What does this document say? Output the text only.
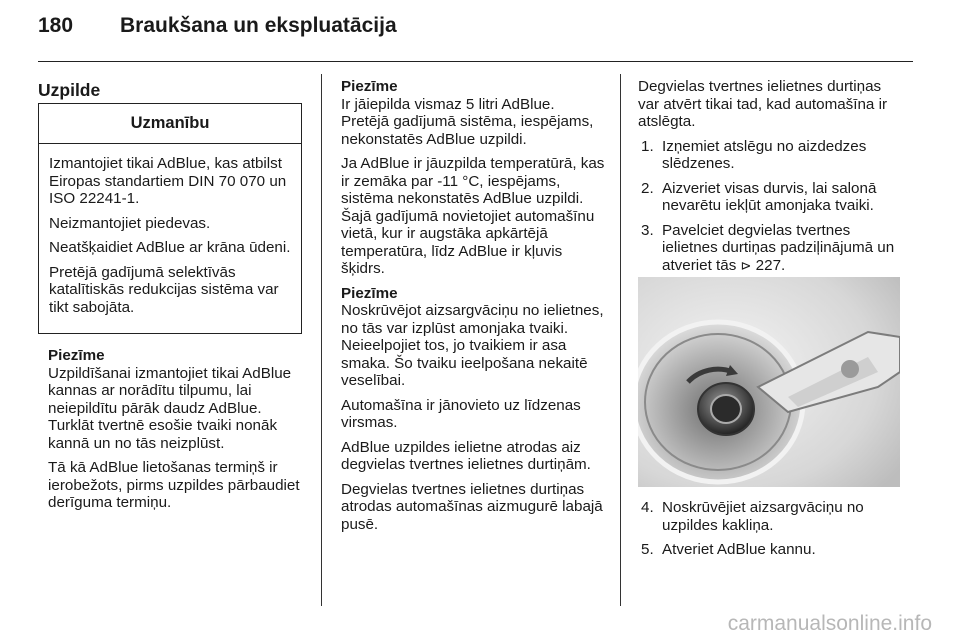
180 Braukšana un ekspluatācija
Uzpilde
Uzmanību

Izmantojiet tikai AdBlue, kas atbilst Eiropas standartiem DIN 70 070 un ISO 22241-1.

Neizmantojiet piedevas.

Neatšķaidiet AdBlue ar krāna ūdeni.

Pretējā gadījumā selektīvās katalītiskās redukcijas sistēma var tikt sabojāta.

Piezīme

Uzpildīšanai izmantojiet tikai AdBlue kannas ar norādītu tilpumu, lai neiepildītu pārāk daudz AdBlue. Turklāt tvertnē esošie tvaiki nonāk kannā un no tās neizplūst.

Tā kā AdBlue lietošanas termiņš ir ierobežots, pirms uzpildes pārbaudiet derīguma termiņu.

Piezīme

Ir jāiepilda vismaz 5 litri AdBlue. Pretējā gadījumā sistēma, iespējams, nekonstatēs AdBlue uzpildi.

Ja AdBlue ir jāuzpilda temperatūrā, kas ir zemāka par -11 °C, iespējams, sistēma nekonstatēs AdBlue uzpildi. Šajā gadījumā novietojiet automašīnu vietā, kur ir augstāka apkārtējā temperatūra, līdz AdBlue ir kļuvis šķidrs.

Piezīme

Noskrūvējot aizsargvāciņu no ielietnes, no tās var izplūst amonjaka tvaiki. Neieelpojiet tos, jo tvaikiem ir asa smaka. Šo tvaiku ieelpošana nekaitē veselībai.

Automašīna ir jānovieto uz līdzenas virsmas.

AdBlue uzpildes ielietne atrodas aiz degvielas tvertnes ielietnes durtiņām.

Degvielas tvertnes ielietnes durtiņas atrodas automašīnas aizmugurē labajā pusē.

Degvielas tvertnes ielietnes durtiņas var atvērt tikai tad, kad automašīna ir atslēgta.

1. Izņemiet atslēgu no aizdedzes slēdzenes.
2. Aizveriet visas durvis, lai salonā nevarētu iekļūt amonjaka tvaiki.
3. Pavelciet degvielas tvertnes ielietnes durtiņas padziļinājumā un atveriet tās ⊳ 227.
4. Noskrūvējiet aizsargvāciņu no uzpildes kakliņa.
5. Atveriet AdBlue kannu.
carmanualsonline.info
